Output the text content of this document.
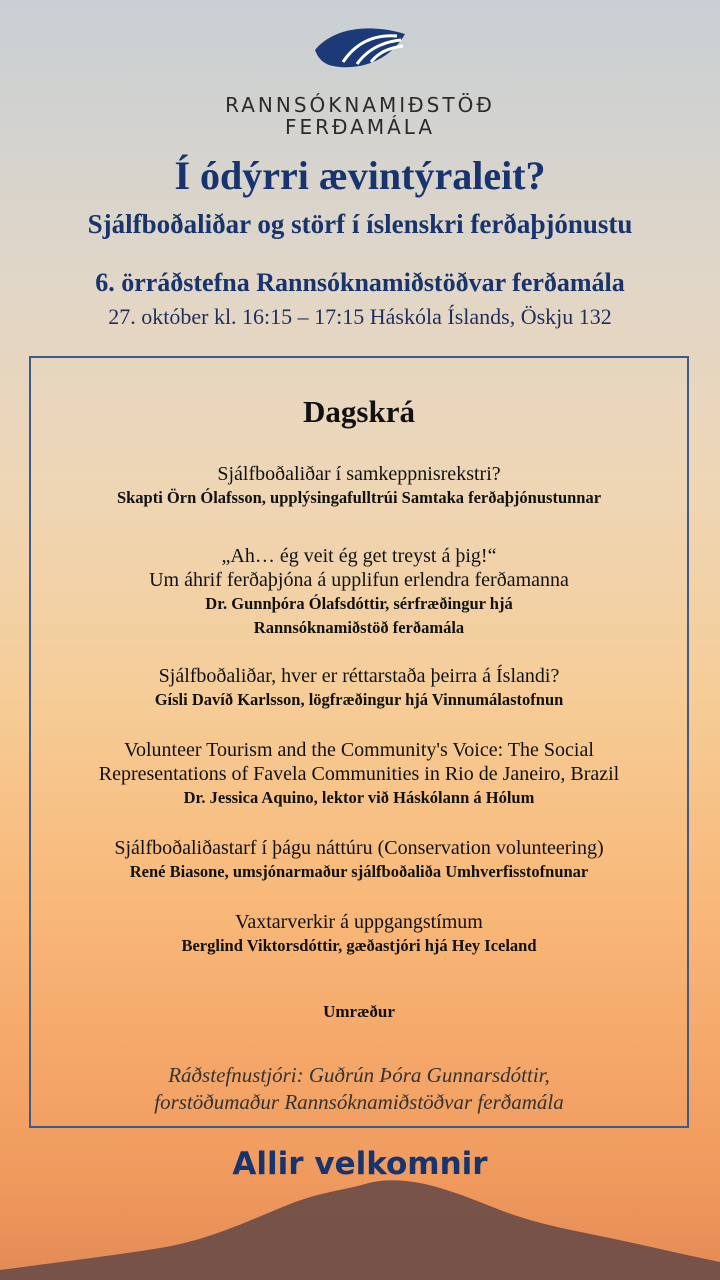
RANNSÓKNAMIÐSTÖÐ
FERÐAMÁLA
Í ódýrri ævintýraleit?
Sjálfboðaliðar og störf í íslenskri ferðaþjónustu
6. örráðstefna Rannsóknamiðstöðvar ferðamála
27. október kl. 16:15 – 17:15 Háskóla Íslands, Öskju 132
Dagskrá
Sjálfboðaliðar í samkeppnisrekstri?
Skapti Örn Ólafsson, upplýsingafulltrúi Samtaka ferðaþjónustunnar
„Ah… ég veit ég get treyst á þig!“
Um áhrif ferðaþjóna á upplifun erlendra ferðamanna
Dr. Gunnþóra Ólafsdóttir, sérfræðingur hjá
Rannsóknamiðstöð ferðamála
Sjálfboðaliðar, hver er réttarstaða þeirra á Íslandi?
Gísli Davíð Karlsson, lögfræðingur hjá Vinnumálastofnun
Volunteer Tourism and the Community's Voice: The Social
Representations of Favela Communities in Rio de Janeiro, Brazil
Dr. Jessica Aquino, lektor við Háskólann á Hólum
Sjálfboðaliðastarf í þágu náttúru (Conservation volunteering)
René Biasone, umsjónarmaður sjálfboðaliða Umhverfisstofnunar
Vaxtarverkir á uppgangstímum
Berglind Viktorsdóttir, gæðastjóri hjá Hey Iceland
Umræður
Ráðstefnustjóri: Guðrún Þóra Gunnarsdóttir,
forstöðumaður Rannsóknamiðstöðvar ferðamála
Allir velkomnir
